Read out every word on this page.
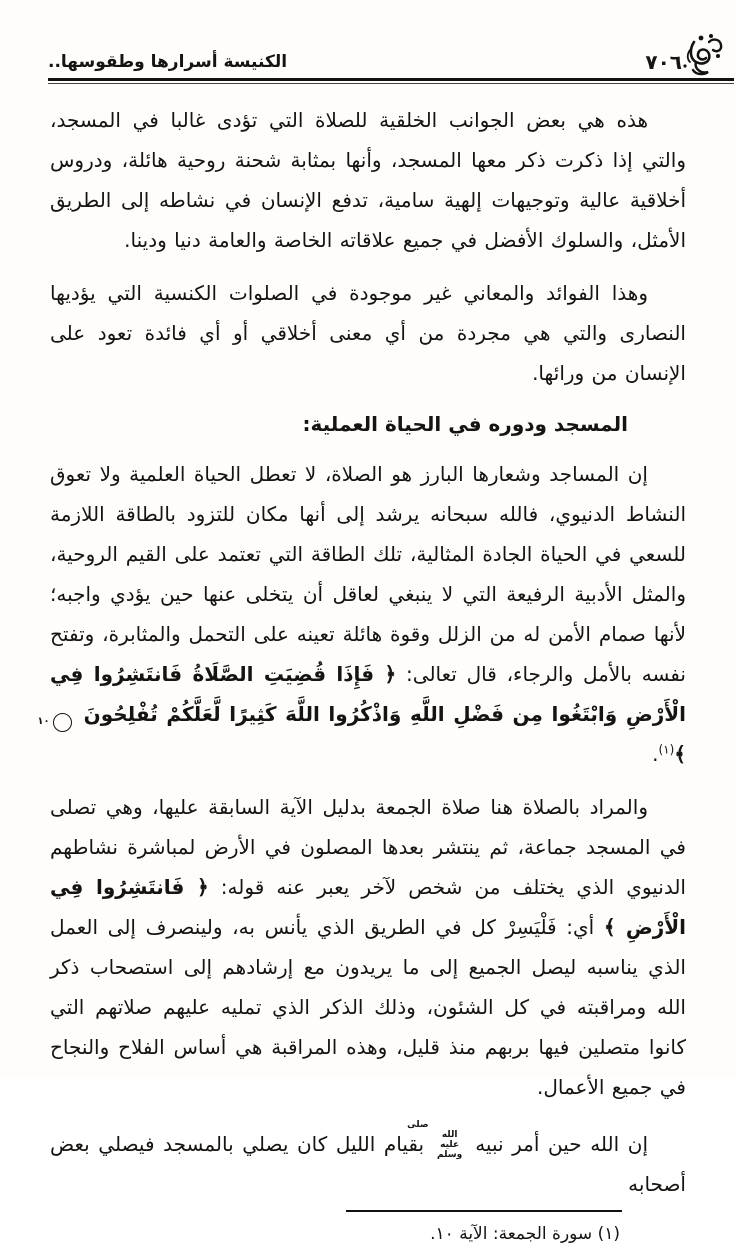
الكنيسة أسرارها وطقوسها..	٧٠٦

هذه هي بعض الجوانب الخلقية للصلاة التي تؤدى غالبا في المسجد، والتي إذا ذكرت ذكر معها المسجد، وأنها بمثابة شحنة روحية هائلة، ودروس أخلاقية عالية وتوجيهات إلهية سامية، تدفع الإنسان في نشاطه إلى الطريق الأمثل، والسلوك الأفضل في جميع علاقاته الخاصة والعامة دنيا ودينا.

وهذا الفوائد والمعاني غير موجودة في الصلوات الكنسية التي يؤديها النصارى والتي هي مجردة من أي معنى أخلاقي أو أي فائدة تعود على الإنسان من ورائها.

المسجد ودوره في الحياة العملية:

إن المساجد وشعارها البارز هو الصلاة، لا تعطل الحياة العلمية ولا تعوق النشاط الدنيوي، فالله سبحانه يرشد إلى أنها مكان للتزود بالطاقة اللازمة للسعي في الحياة الجادة المثالية، تلك الطاقة التي تعتمد على القيم الروحية، والمثل الأدبية الرفيعة التي لا ينبغي لعاقل أن يتخلى عنها حين يؤدي واجبه؛ لأنها صمام الأمن له من الزلل وقوة هائلة تعينه على التحمل والمثابرة، وتفتح نفسه بالأمل والرجاء، قال تعالى: ﴿ فَإِذَا قُضِيَتِ الصَّلَاةُ فَانتَشِرُوا فِي الْأَرْضِ وَابْتَغُوا مِن فَضْلِ اللَّهِ وَاذْكُرُوا اللَّهَ كَثِيرًا لَّعَلَّكُمْ تُفْلِحُونَ ١٠﴾$^{(١)}$.

والمراد بالصلاة هنا صلاة الجمعة بدليل الآية السابقة عليها، وهي تصلى في المسجد جماعة، ثم ينتشر بعدها المصلون في الأرض لمباشرة نشاطهم الدنيوي الذي يختلف من شخص لآخر يعبر عنه قوله: ﴿ فَانتَشِرُوا فِي الْأَرْضِ ﴾ أي: فَلْيَسِرْ كل في الطريق الذي يأنس به، ولينصرف إلى العمل الذي يناسبه ليصل الجميع إلى ما يريدون مع إرشادهم إلى استصحاب ذكر الله ومراقبته في كل الشئون، وذلك الذكر الذي تمليه عليهم صلاتهم التي كانوا متصلين فيها بربهم منذ قليل، وهذه المراقبة هي أساس الفلاح والنجاح في جميع الأعمال.

إن الله حين أمر نبيه صلى الله عليه وسلم بقيام الليل كان يصلي بالمسجد فيصلي بعض أصحابه

(١) سورة الجمعة: الآية ١٠.
